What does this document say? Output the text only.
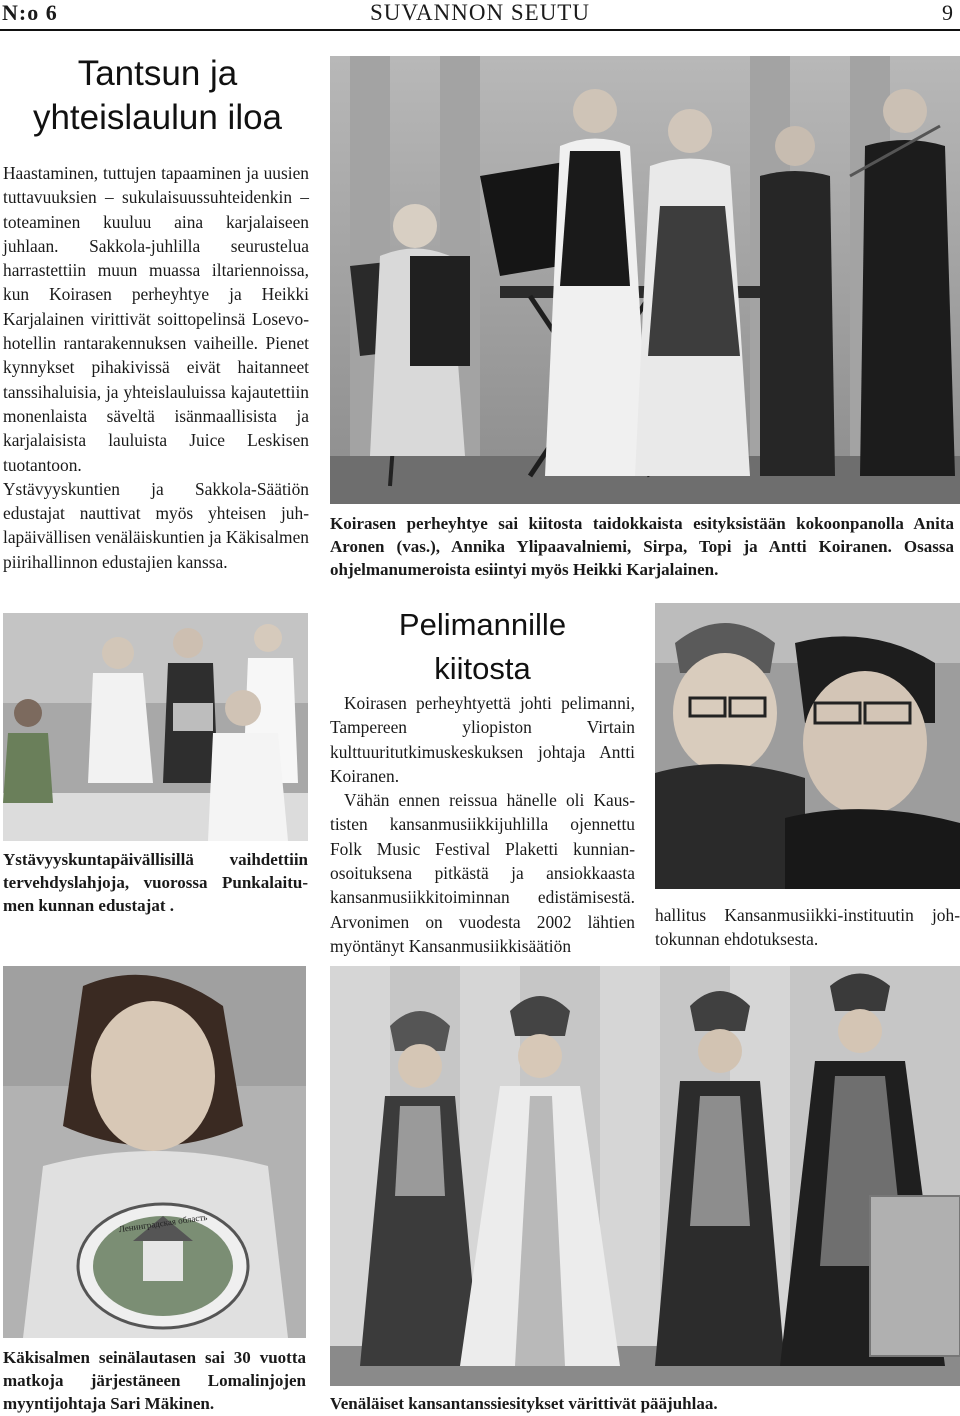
N:o 6	SUVANNON SEUTU	9
Tantsun ja
yhteislaulun iloa

Haastaminen, tuttujen tapaaminen ja uusien tuttavuuksien – sukulaisuussuhteidenkin – toteaminen kuuluu aina karjalaiseen juhlaan. Sakkola-juhlilla seurustelua harrastettiin muun muassa iltariennoissa, kun Koirasen perheyhtye ja Heikki Karjalainen virittivät soittopelinsä Losevo-hotellin rantarakennuksen vaiheille. Pienet kynnykset pihakivissä eivät haitanneet tanssihaluisia, ja yhteislauluissa kajautettiin monenlaista säveltä isänmaallisista ja karjalaisista lauluista Juice Leskisen tuotantoon.

Ystävyyskuntien ja Sakkola-Säätiön edustajat nauttivat myös yhteisen juhlapäivällisen venäläiskuntien ja Käkisalmen piirihallinnon edustajien kanssa.

Koirasen perheyhtye sai kiitosta taidokkaista esityksistään kokoonpanolla Anita Aronen (vas.), Annika Ylipaavalniemi, Sirpa, Topi ja Antti Koiranen. Osassa ohjelmanumeroista esiintyi myös Heikki Karjalainen.
Ystävyyskuntapäivällisillä vaihdettiin tervehdyslahjoja, vuorossa Punkalaitumen kunnan edustajat .
Pelimannille
kiitosta

Koirasen perheyhtyettä johti pelimanni, Tampereen yliopiston Virtain kulttuuritutkimuskeskuksen johtaja Antti Koiranen.

Vähän ennen reissua hänelle oli Kaustisten kansanmusiikkijuhlilla ojennettu Folk Music Festival Plaketti kunnianosoituksena pitkästä ja ansiokkaasta kansanmusiikkitoiminnan edistämisestä. Arvonimen on vuodesta 2002 lähtien myöntänyt Kansanmusiikkisäätiön

hallitus Kansanmusiikki-instituutin johtokunnan ehdotuksesta.
Ленинградская область
Käkisalmen seinälautasen sai 30 vuotta matkoja järjestäneen Lomalinjojen myyntijohtaja Sari Mäkinen.	Venäläiset kansantanssiesitykset värittivät pääjuhlaa.
